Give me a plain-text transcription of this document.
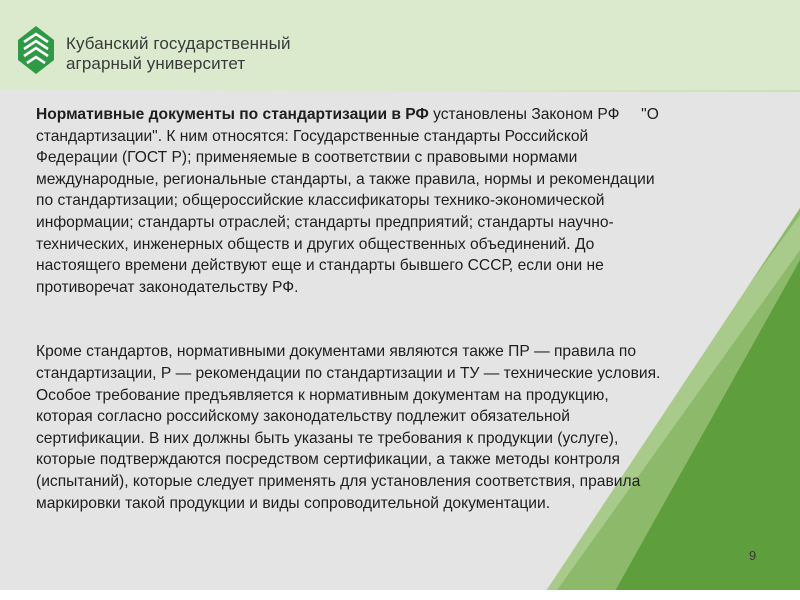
Кубанский государственный
аграрный университет

Нормативные документы по стандартизации в РФ установлены Законом РФ     "О

стандартизации". К ним относятся: Государственные стандарты Российской

Федерации (ГОСТ Р); применяемые в соответствии с правовыми нормами

международные, региональные стандарты, а также правила, нормы и рекомендации

по стандартизации; общероссийские классификаторы технико-экономической

информации; стандарты отраслей; стандарты предприятий; стандарты научно-

технических, инженерных обществ и других общественных объединений. До

настоящего времени действуют еще и стандарты бывшего СССР, если они не

противоречат законодательству РФ.

Кроме стандартов, нормативными документами являются также ПР — правила по

стандартизации, Р — рекомендации по стандартизации и ТУ — технические условия.

Особое требование предъявляется к нормативным документам на продукцию,

которая согласно российскому законодательству подлежит обязательной

сертификации. В них должны быть указаны те требования к продукции (услуге),

которые подтверждаются посредством сертификации, а также методы контроля

(испытаний), которые следует применять для установления соответствия, правила

маркировки такой продукции и виды сопроводительной документации.

9
